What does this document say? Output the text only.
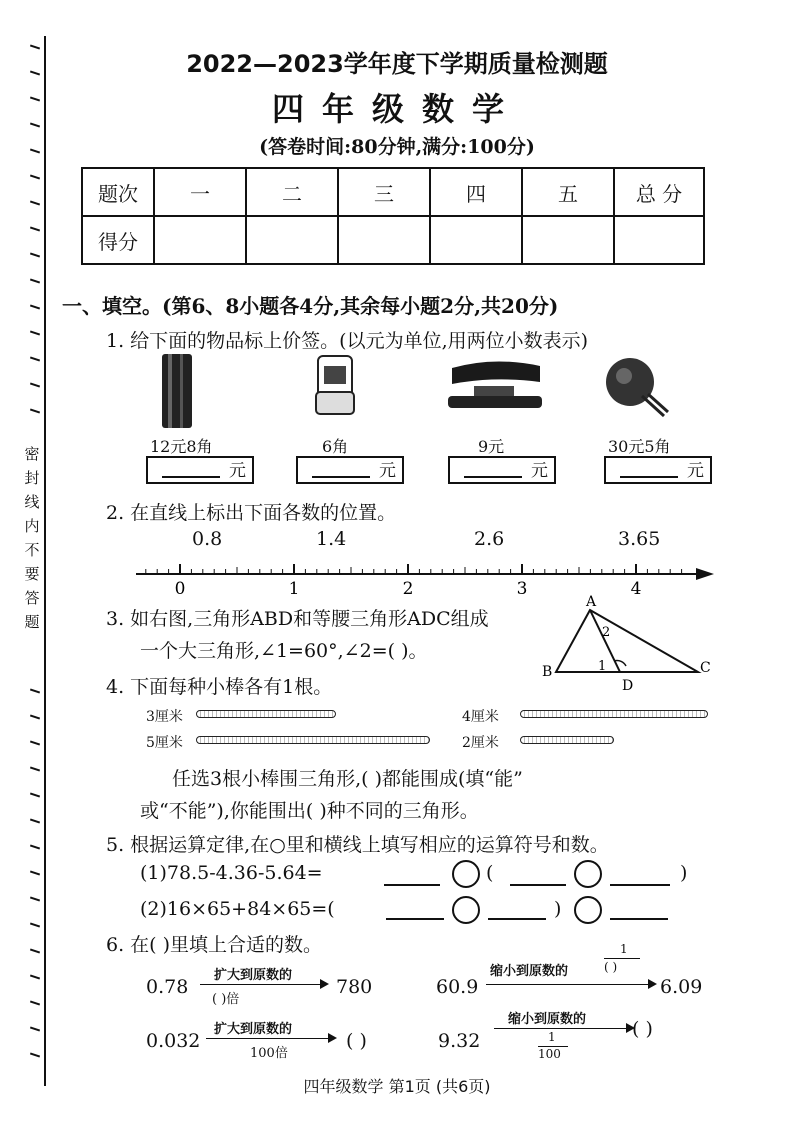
密封线内不要答题
2022—2023学年度下学期质量检测题
四年级数学
(答卷时间:80分钟,满分:100分)
题次	一	二	三	四	五	总 分
得分						
一、填空。(第6、8小题各4分,其余每小题2分,共20分)
1. 给下面的物品标上价签。(以元为单位,用两位小数表示)
12元8角	6角	9元	30元5角
元	元	元	元
2. 在直线上标出下面各数的位置。
0.8	1.4	2.6	3.65
0	1	2	3	4
3. 如右图,三角形ABD和等腰三角形ADC组成
一个大三角形,∠1=60°,∠2=( )。
A
B	C
D
1
2
4. 下面每种小棒各有1根。
3厘米	4厘米
5厘米	2厘米
任选3根小棒围三角形,( )都能围成(填“能”
或“不能”),你能围出( )种不同的三角形。
5. 根据运算定律,在○里和横线上填写相应的运算符号和数。
(1)78.5-4.36-5.64=	(	)
(2)16×65+84×65=(	)
6. 在( )里填上合适的数。
0.78
扩大到原数的
( )倍
780	60.9
缩小到原数的
1
( )
6.09
0.032
扩大到原数的
100倍
( )	9.32
缩小到原数的
1
100
( )
四年级数学 第1页 (共6页)
